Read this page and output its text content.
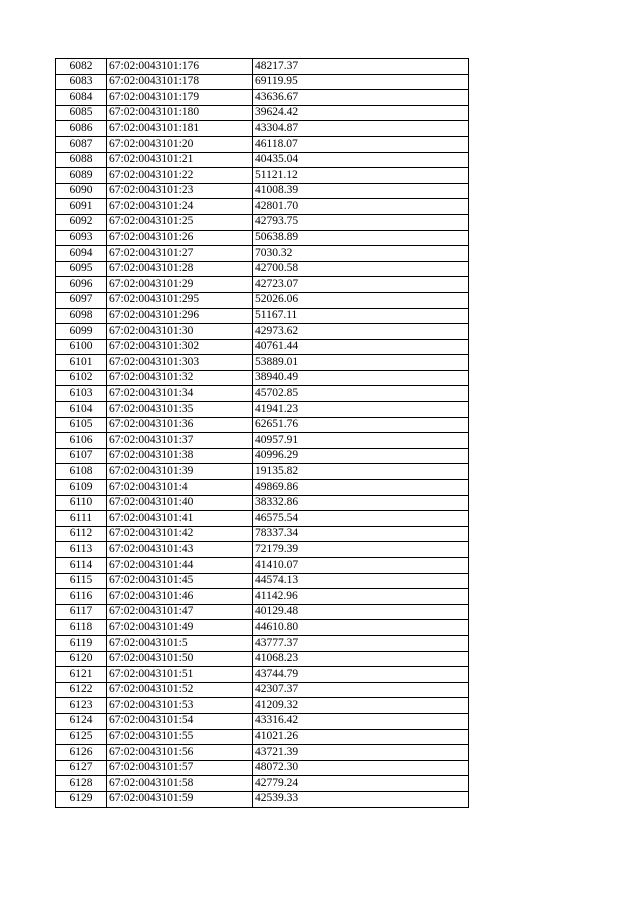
6082	67:02:0043101:176	48217.37
6083	67:02:0043101:178	69119.95
6084	67:02:0043101:179	43636.67
6085	67:02:0043101:180	39624.42
6086	67:02:0043101:181	43304.87
6087	67:02:0043101:20	46118.07
6088	67:02:0043101:21	40435.04
6089	67:02:0043101:22	51121.12
6090	67:02:0043101:23	41008.39
6091	67:02:0043101:24	42801.70
6092	67:02:0043101:25	42793.75
6093	67:02:0043101:26	50638.89
6094	67:02:0043101:27	7030.32
6095	67:02:0043101:28	42700.58
6096	67:02:0043101:29	42723.07
6097	67:02:0043101:295	52026.06
6098	67:02:0043101:296	51167.11
6099	67:02:0043101:30	42973.62
6100	67:02:0043101:302	40761.44
6101	67:02:0043101:303	53889.01
6102	67:02:0043101:32	38940.49
6103	67:02:0043101:34	45702.85
6104	67:02:0043101:35	41941.23
6105	67:02:0043101:36	62651.76
6106	67:02:0043101:37	40957.91
6107	67:02:0043101:38	40996.29
6108	67:02:0043101:39	19135.82
6109	67:02:0043101:4	49869.86
6110	67:02:0043101:40	38332.86
6111	67:02:0043101:41	46575.54
6112	67:02:0043101:42	78337.34
6113	67:02:0043101:43	72179.39
6114	67:02:0043101:44	41410.07
6115	67:02:0043101:45	44574.13
6116	67:02:0043101:46	41142.96
6117	67:02:0043101:47	40129.48
6118	67:02:0043101:49	44610.80
6119	67:02:0043101:5	43777.37
6120	67:02:0043101:50	41068.23
6121	67:02:0043101:51	43744.79
6122	67:02:0043101:52	42307.37
6123	67:02:0043101:53	41209.32
6124	67:02:0043101:54	43316.42
6125	67:02:0043101:55	41021.26
6126	67:02:0043101:56	43721.39
6127	67:02:0043101:57	48072.30
6128	67:02:0043101:58	42779.24
6129	67:02:0043101:59	42539.33
